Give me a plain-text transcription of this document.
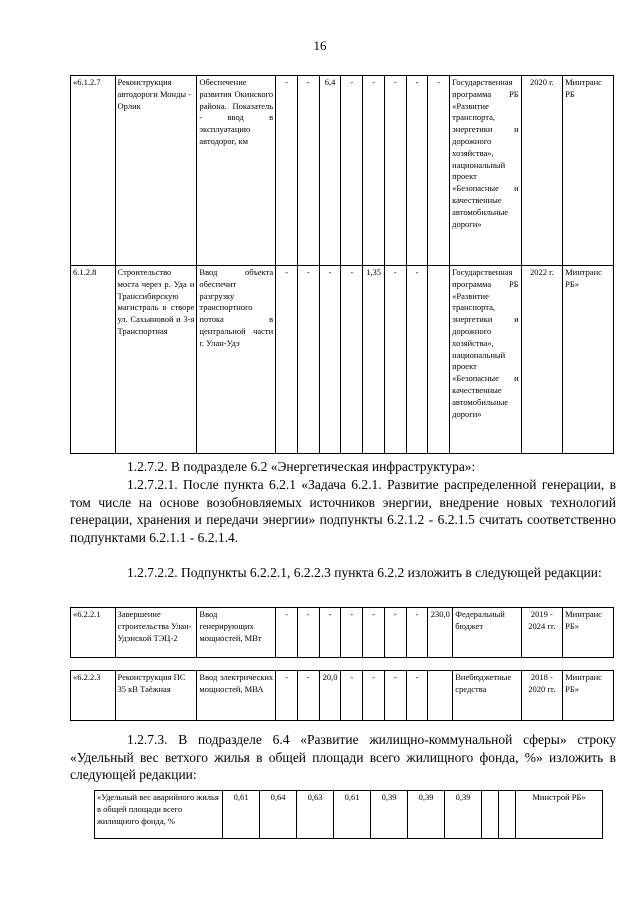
16
«6.1.2.7	Реконструкция автодороги Монды - Орлик	Обеспечение развития Окинского района. Показатель - ввод в эксплуатацию автодорог, км	-	-	6,4	-	-	-	-	-	Государственная программа РБ «Развитие транспорта, энергетики и дорожного хозяйства», национальный проект «Безопасные и качественные автомобильные дороги»	2020 г.	Минтранс РБ
6.1.2.8	Строительство моста через р. Уда и Транссибирскую магистраль в створе ул. Сахьяновой и 3-я Транспортная	Ввод объекта обеспечит разгрузку транспортного потока в центральной части г. Улан-Удэ	-	-	-	-	1,35	-	-		Государственная программа РБ «Развитие транспорта, энергетики и дорожного хозяйства», национальный проект «Безопасные и качественные автомобильные дороги»	2022 г.	Минтранс РБ»
1.2.7.2. В подразделе 6.2 «Энергетическая инфраструктура»:
1.2.7.2.1. После пункта 6.2.1 «Задача 6.2.1. Развитие распределенной генерации, в том числе на основе возобновляемых источников энергии, внедрение новых технологий генерации, хранения и передачи энергии» подпункты 6.2.1.2 - 6.2.1.5 считать соответственно подпунктами 6.2.1.1 - 6.2.1.4.
1.2.7.2.2. Подпункты 6.2.2.1, 6.2.2.3 пункта 6.2.2 изложить в следующей редакции:
«6.2.2.1	Завершение строительства Улан-Удэнской ТЭЦ-2	Ввод генерирующих мощностей, МВт	-	-	-	-	-	-	-	230,0	Федеральный бюджет	2019 - 2024 гг.	Минтранс РБ»
«6.2.2.3	Реконструкция ПС 35 кВ Таёжная	Ввод электрических мощностей, МВА	-	-	20,0	-	-	-	-		Внебюджетные средства	2018 - 2020 гг.	Минтранс РБ»
1.2.7.3. В подразделе 6.4 «Развитие жилищно-коммунальной сферы» строку «Удельный вес ветхого жилья в общей площади всего жилищного фонда, %» изложить в следующей редакции:
«Удельный вес аварийного жилья в общей площади всего жилищного фонда, %	0,61	0,64	0,63	0,61	0,39	0,39	0,39			Минстрой РБ»
